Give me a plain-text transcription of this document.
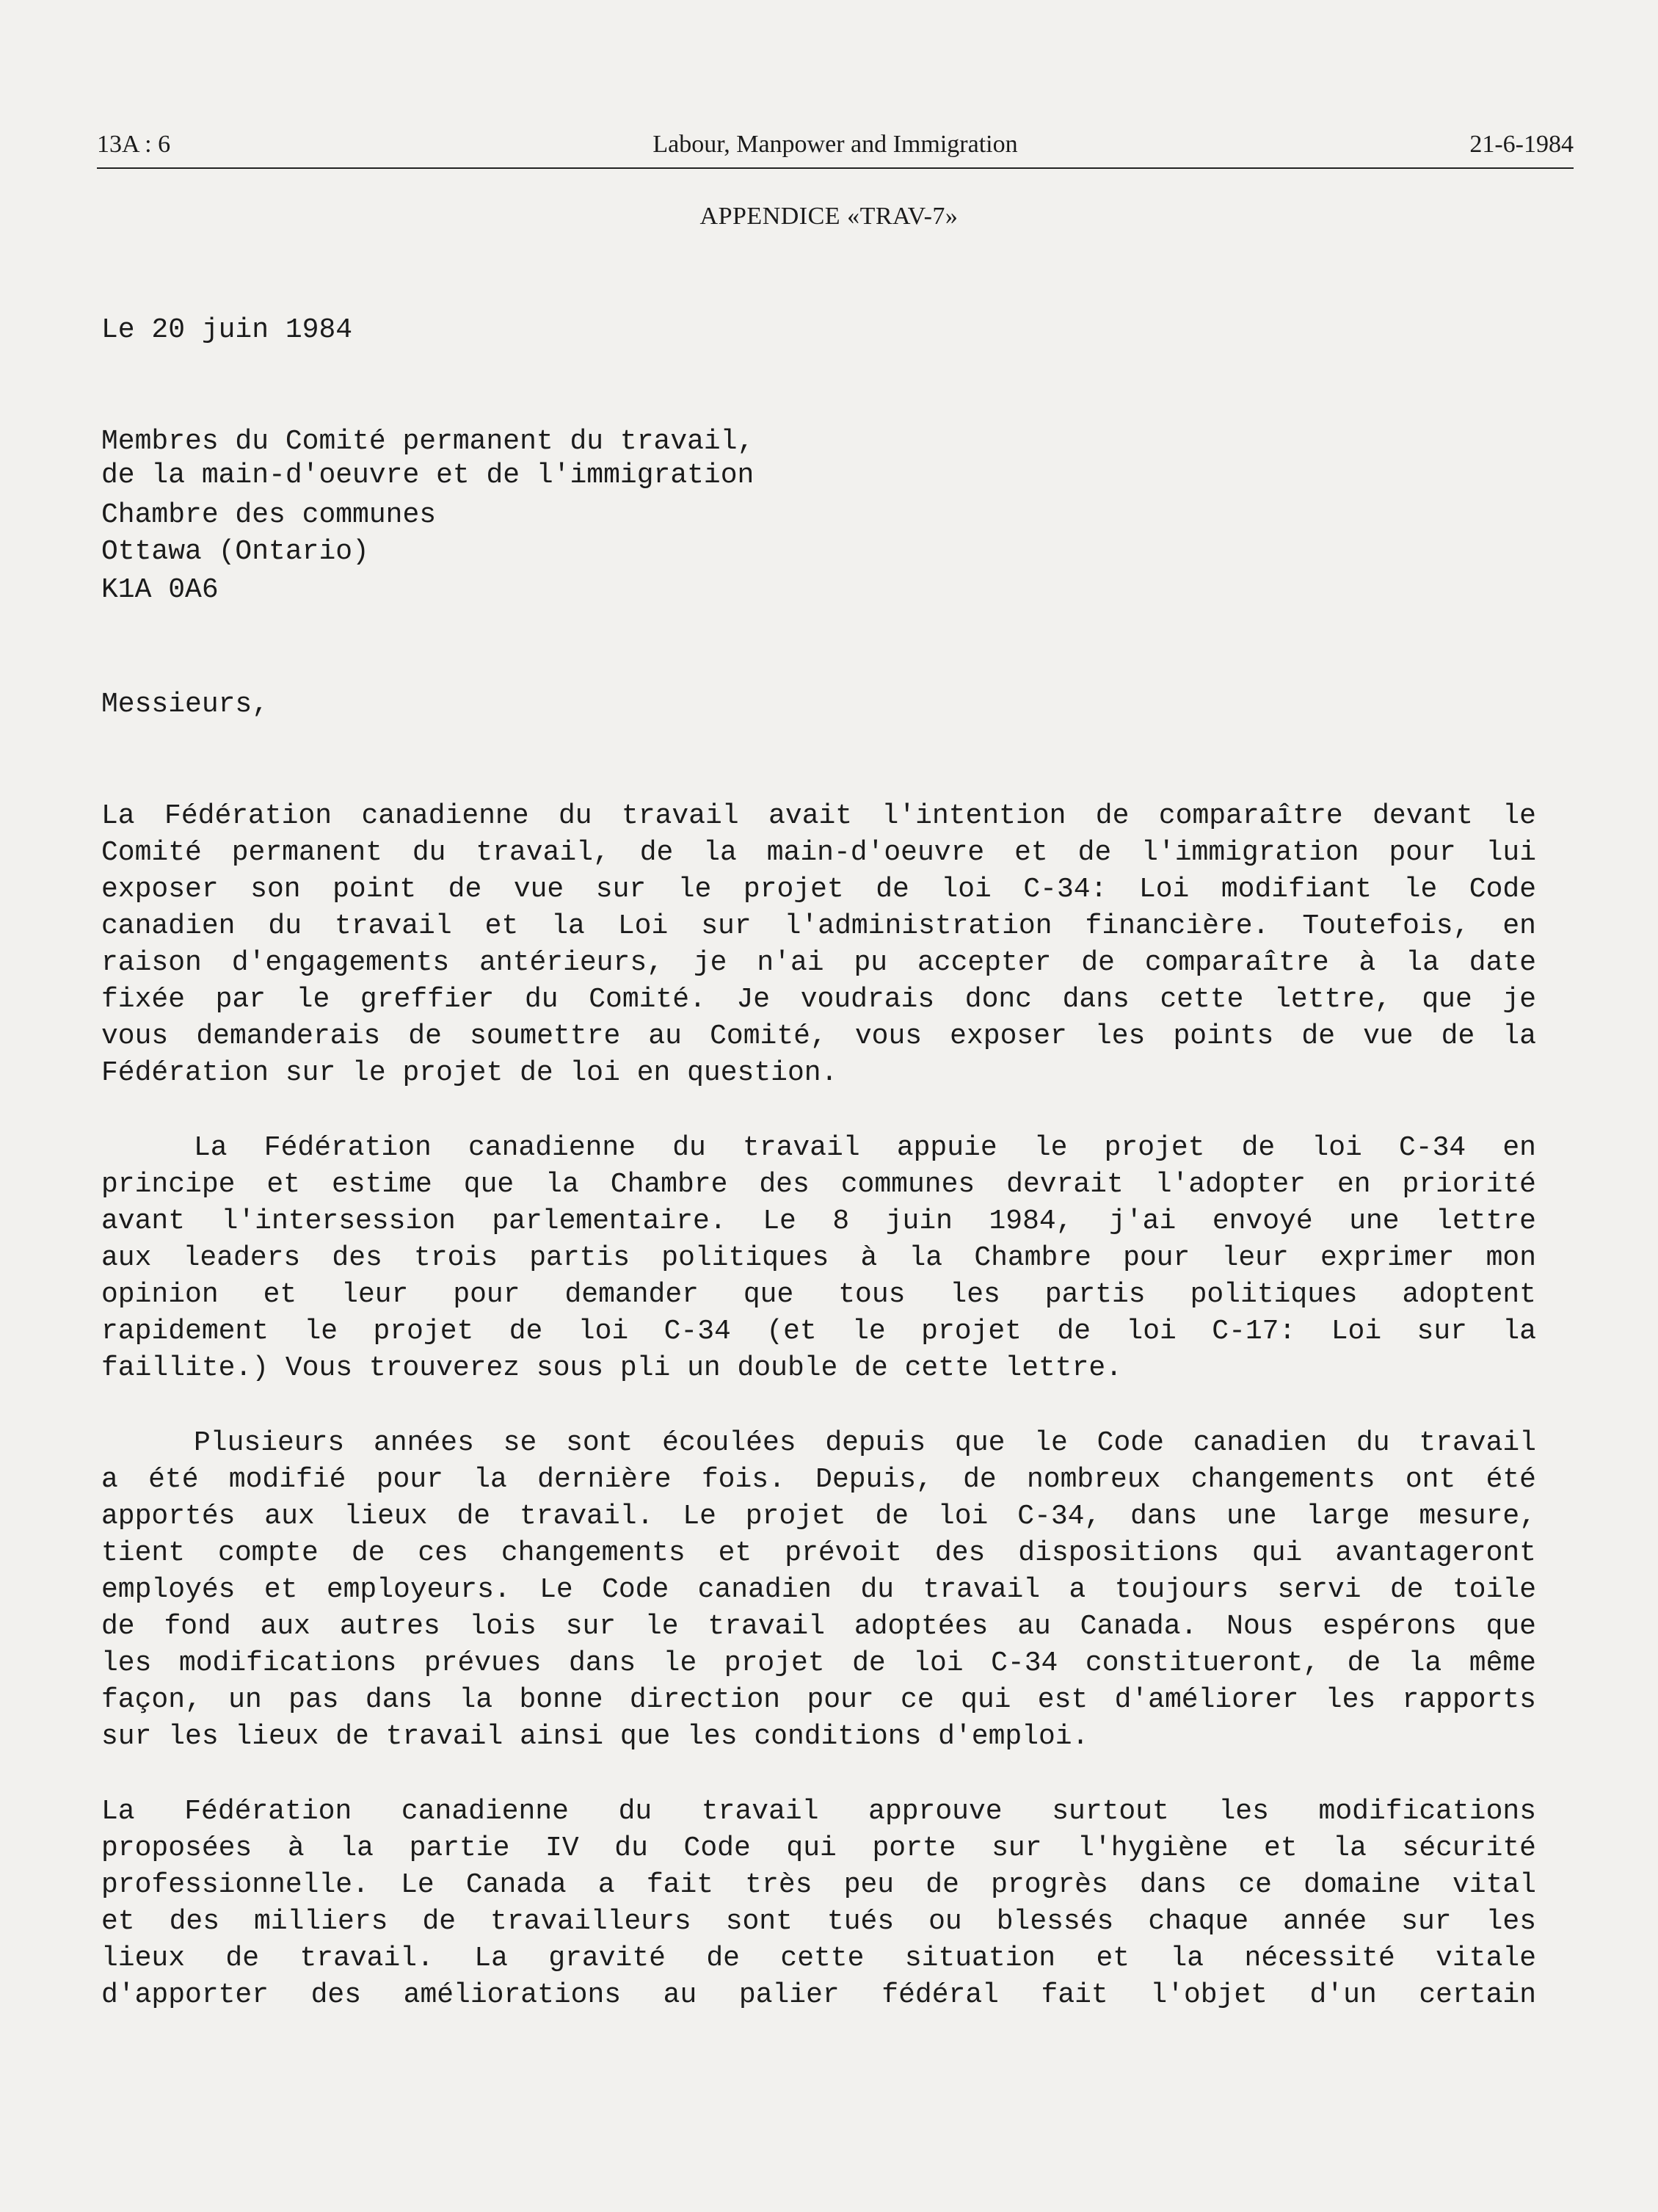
13A : 6	Labour, Manpower and Immigration	21-6-1984
APPENDICE «TRAV-7»
Le 20 juin 1984
Membres du Comité permanent du travail,
de la main-d'oeuvre et de l'immigration
Chambre des communes
Ottawa (Ontario)
K1A 0A6
Messieurs,
La Fédération canadienne du travail avait l'intention de comparaître devant le
Comité permanent du travail, de la main-d'oeuvre et de l'immigration pour lui
exposer son point de vue sur le projet de loi C-34: Loi modifiant le Code
canadien du travail et la Loi sur l'administration financière. Toutefois, en
raison d'engagements antérieurs, je n'ai pu accepter de comparaître à la date
fixée par le greffier du Comité. Je voudrais donc dans cette lettre, que je
vous demanderais de soumettre au Comité, vous exposer les points de vue de la
Fédération sur le projet de loi en question.
La Fédération canadienne du travail appuie le projet de loi C-34 en
principe et estime que la Chambre des communes devrait l'adopter en priorité
avant l'intersession parlementaire. Le 8 juin 1984, j'ai envoyé une lettre
aux leaders des trois partis politiques à la Chambre pour leur exprimer mon
opinion et leur pour demander que tous les partis politiques adoptent
rapidement le projet de loi C-34 (et le projet de loi C-17: Loi sur la
faillite.) Vous trouverez sous pli un double de cette lettre.
Plusieurs années se sont écoulées depuis que le Code canadien du travail
a été modifié pour la dernière fois. Depuis, de nombreux changements ont été
apportés aux lieux de travail. Le projet de loi C-34, dans une large mesure,
tient compte de ces changements et prévoit des dispositions qui avantageront
employés et employeurs. Le Code canadien du travail a toujours servi de toile
de fond aux autres lois sur le travail adoptées au Canada. Nous espérons que
les modifications prévues dans le projet de loi C-34 constitueront, de la même
façon, un pas dans la bonne direction pour ce qui est d'améliorer les rapports
sur les lieux de travail ainsi que les conditions d'emploi.
La Fédération canadienne du travail approuve surtout les modifications
proposées à la partie IV du Code qui porte sur l'hygiène et la sécurité
professionnelle. Le Canada a fait très peu de progrès dans ce domaine vital
et des milliers de travailleurs sont tués ou blessés chaque année sur les
lieux de travail. La gravité de cette situation et la nécessité vitale
d'apporter des améliorations au palier fédéral fait l'objet d'un certain
